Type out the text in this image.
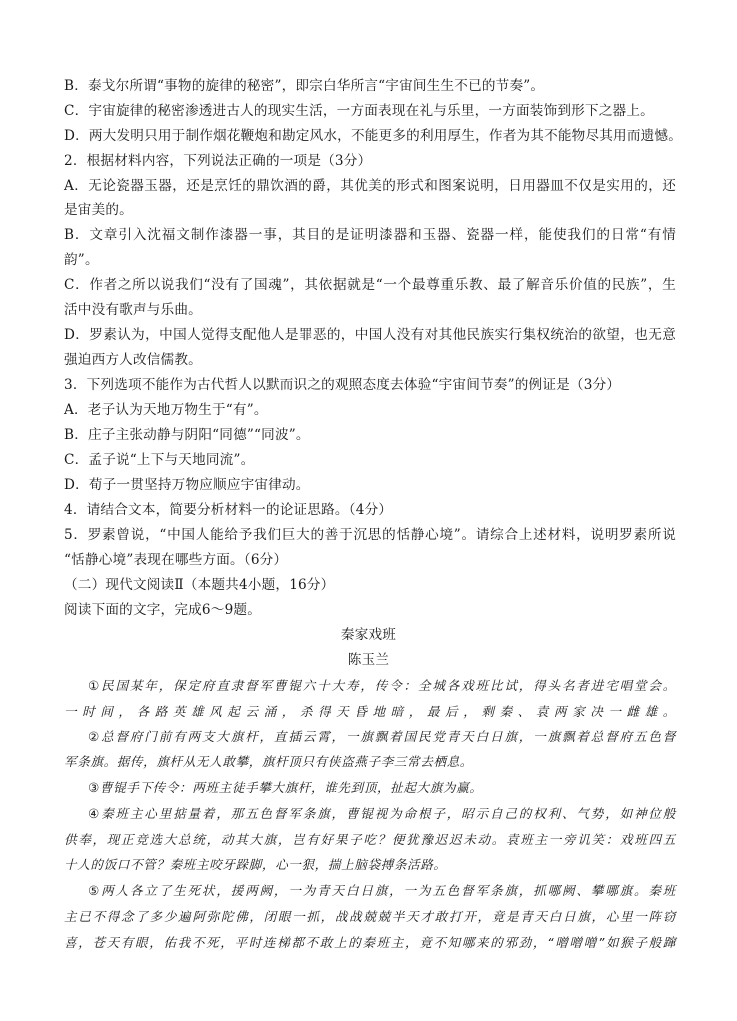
B．泰戈尔所谓“事物的旋律的秘密”，即宗白华所言“宇宙间生生不已的节奏”。
C．宇宙旋律的秘密渗透进古人的现实生活，一方面表现在礼与乐里，一方面装饰到形下之器上。
D．两大发明只用于制作烟花鞭炮和勘定风水，不能更多的利用厚生，作者为其不能物尽其用而遗憾。
2．根据材料内容，下列说法正确的一项是（3分）
A．无论瓷器玉器，还是烹饪的鼎饮酒的爵，其优美的形式和图案说明，日用器皿不仅是实用的，还
是宙美的。
B．文章引入沈福文制作漆器一事，其目的是证明漆器和玉器、瓷器一样，能使我们的日常“有情
韵”。
C．作者之所以说我们“没有了国魂”，其依据就是“一个最尊重乐教、最了解音乐价值的民族”，生
活中没有歌声与乐曲。
D．罗素认为，中国人觉得支配他人是罪恶的，中国人没有对其他民族实行集权统治的欲望，也无意
强迫西方人改信儒教。
3．下列选项不能作为古代哲人以默而识之的观照态度去体验“宇宙间节奏”的例证是（3分）
A．老子认为天地万物生于“有”。
B．庄子主张动静与阴阳“同德”“同波”。
C．孟子说“上下与天地同流”。
D．荀子一贯坚持万物应顺应宇宙律动。
4．请结合文本，简要分析材料一的论证思路。（4分）
5．罗素曾说，“中国人能给予我们巨大的善于沉思的恬静心境”。请综合上述材料，说明罗素所说
“恬静心境”表现在哪些方面。（6分）
（二）现代文阅读Ⅱ（本题共4小题，16分）
阅读下面的文字，完成6～9题。
秦家戏班
陈玉兰
①民国某年，保定府直隶督军曹锟六十大寿，传令：全城各戏班比试，得头名者进宅唱堂会。
一时间，各路英雄风起云涌，杀得天昏地暗，最后，剩秦、袁两家决一雌雄。
②总督府门前有两支大旗杆，直插云霄，一旗飘着国民党青天白日旗，一旗飘着总督府五色督
军条旗。据传，旗杆从无人敢攀，旗杆顶只有侠盗燕子李三常去栖息。
③曹锟手下传令：两班主徒手攀大旗杆，谁先到顶，扯起大旗为赢。
④秦班主心里掂量着，那五色督军条旗，曹锟视为命根子，昭示自己的权利、气势，如神位般
供奉，现正竞选大总统，动其大旗，岂有好果子吃？便犹豫迟迟未动。袁班主一旁讥笑：戏班四五
十人的饭口不管？秦班主咬牙跺脚，心一狠，揣上脑袋搏条活路。
⑤两人各立了生死状，援两阙，一为青天白日旗，一为五色督军条旗，抓哪阙、攀哪旗。秦班
主已不得念了多少遍阿弥陀佛，闭眼一抓，战战兢兢半天才敢打开，竟是青天白日旗，心里一阵窃
喜，苍天有眼，佑我不死，平时连梯都不敢上的秦班主，竟不知哪来的邪劲，“噌噌噌”如猴子般蹿
